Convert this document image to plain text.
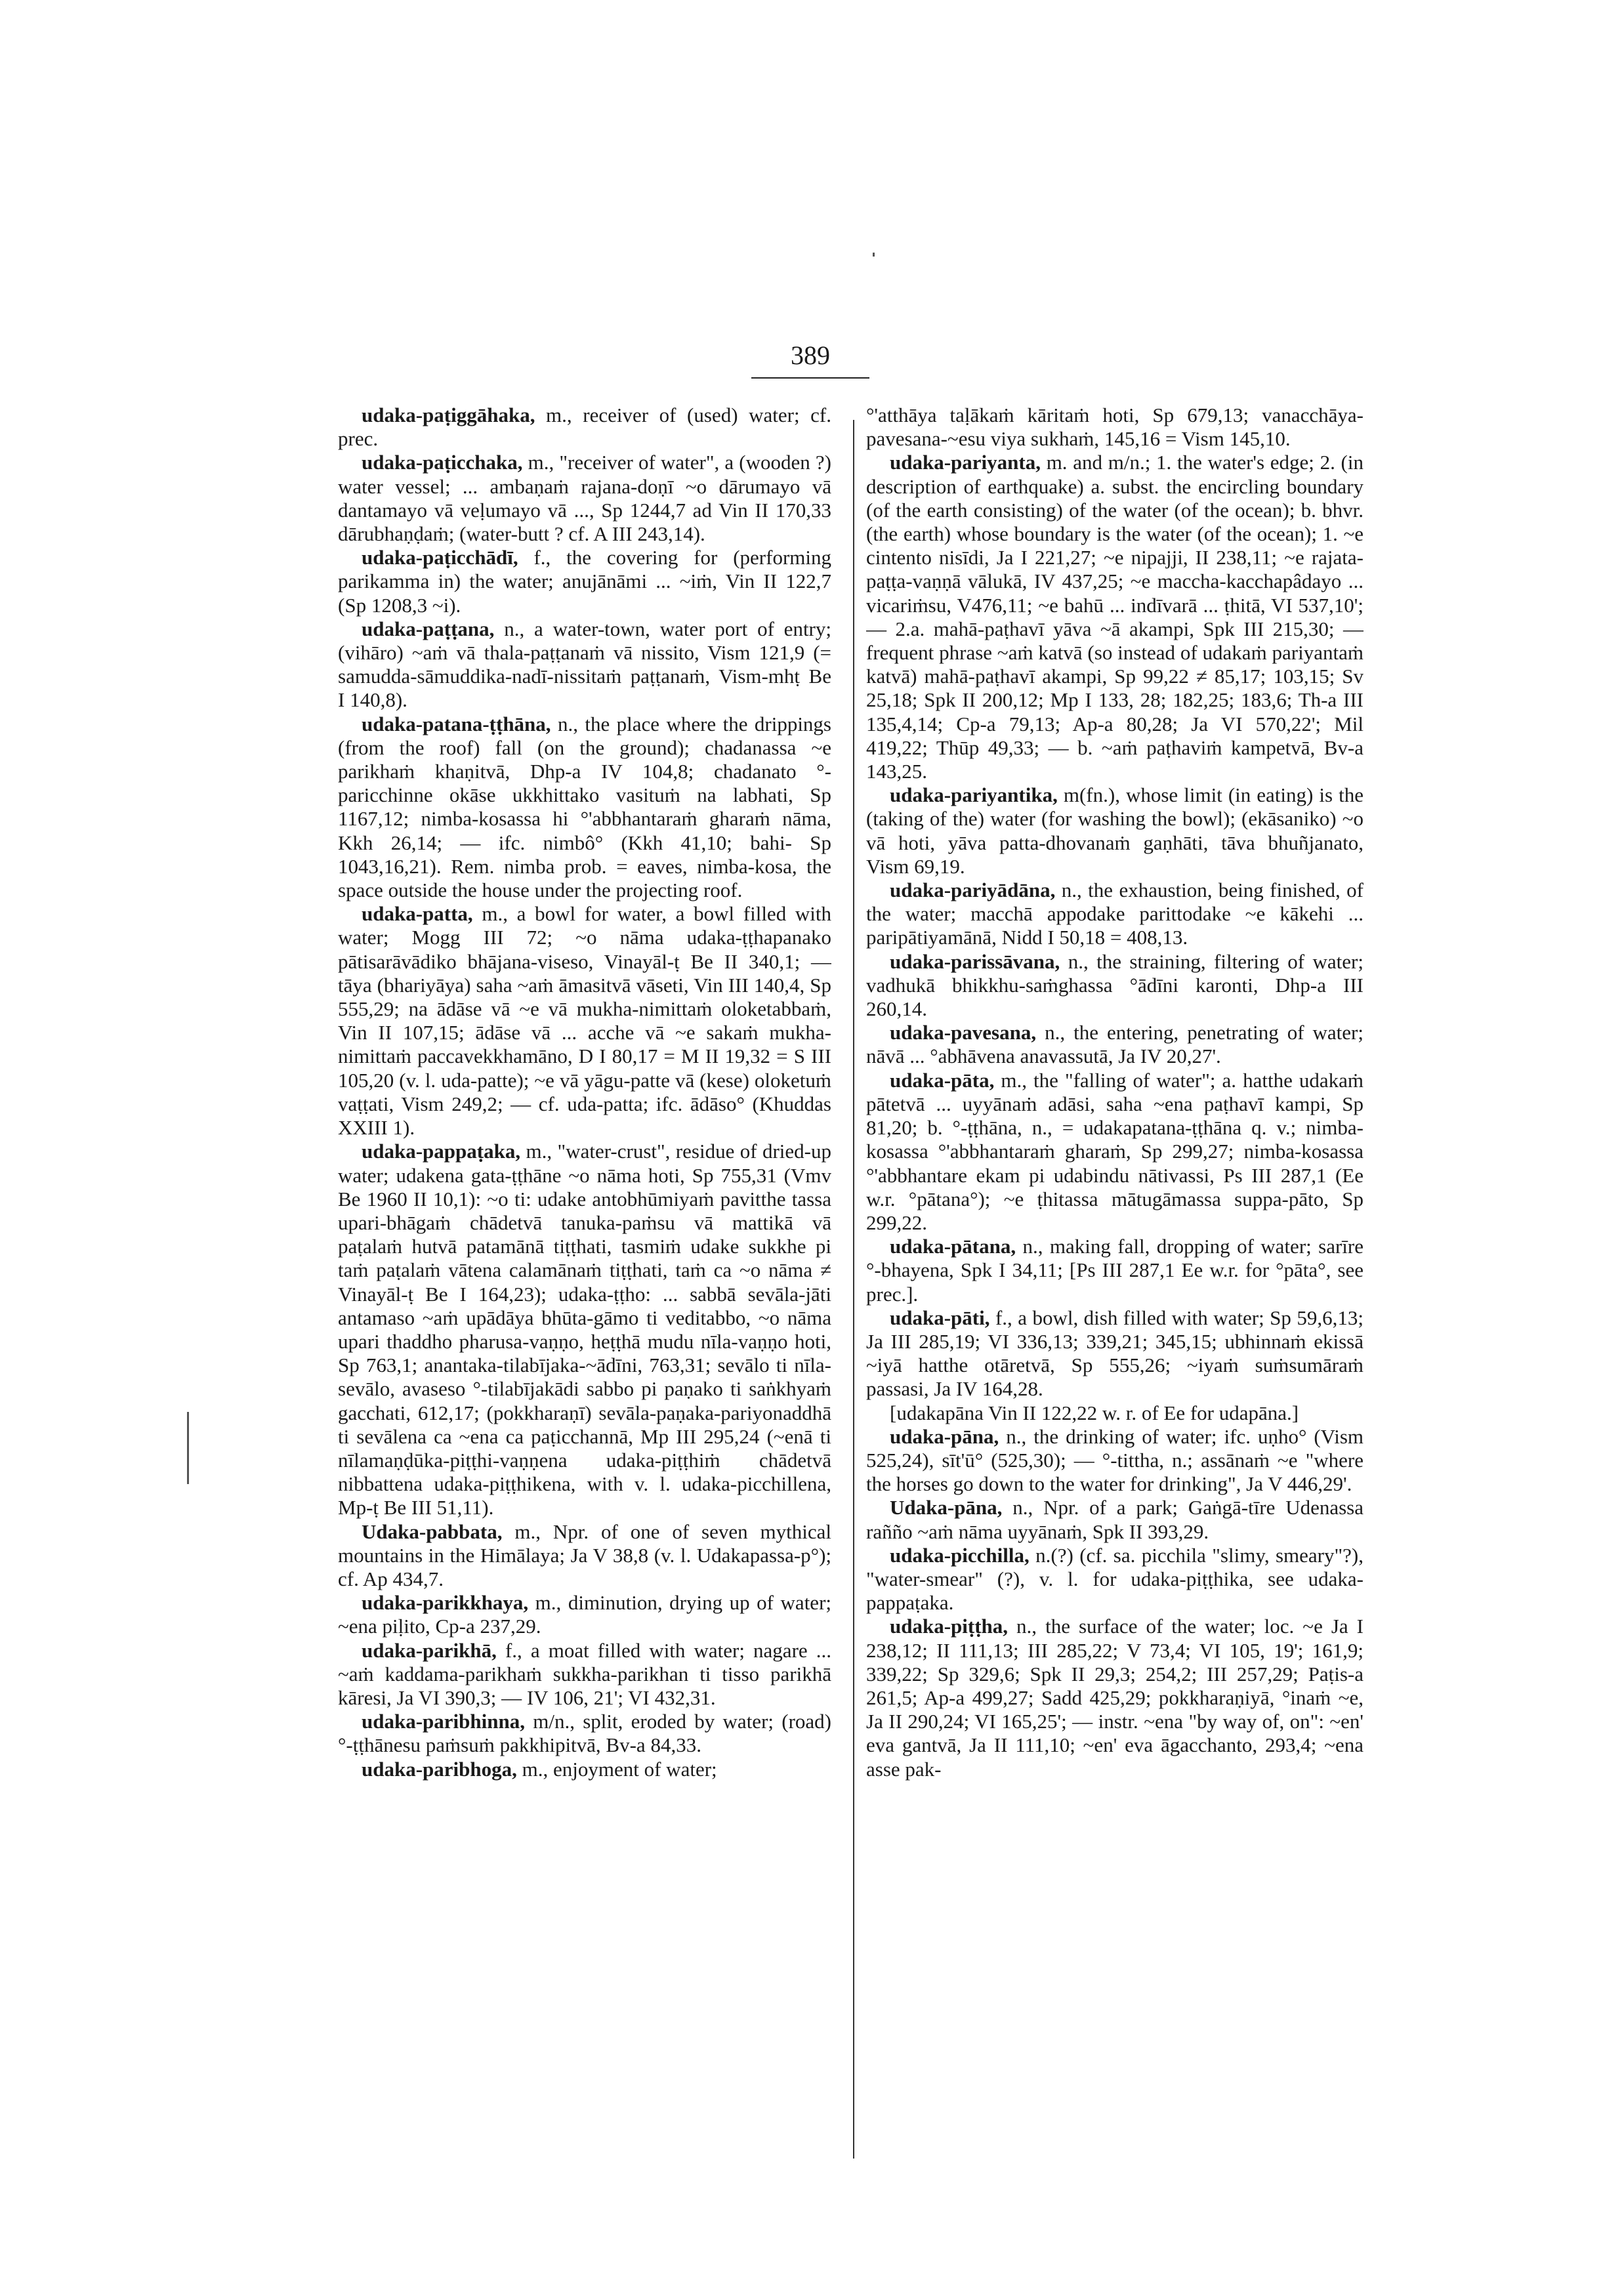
389

udaka-paṭiggāhaka, m., receiver of (used) water; cf. prec.

udaka-paṭicchaka, m., "receiver of water", a (wooden ?) water vessel; ... ambaṇaṁ rajana-doṇī ~o dārumayo vā dantamayo vā veḷumayo vā ..., Sp 1244,7 ad Vin II 170,33 dārubhaṇḍaṁ; (water-butt ? cf. A III 243,14).

udaka-paṭicchādī, f., the covering for (performing parikamma in) the water; anujānāmi ... ~iṁ, Vin II 122,7 (Sp 1208,3 ~i).

udaka-paṭṭana, n., a water-town, water port of entry; (vihāro) ~aṁ vā thala-paṭṭanaṁ vā nissito, Vism 121,9 (= samudda-sāmuddika-nadī-nissitaṁ paṭṭanaṁ, Vism-mhṭ Be I 140,8).

udaka-patana-ṭṭhāna, n., the place where the drippings (from the roof) fall (on the ground); chadanassa ~e parikhaṁ khaṇitvā, Dhp-a IV 104,8; chadanato °-paricchinne okāse ukkhittako vasituṁ na labhati, Sp 1167,12; nimba-kosassa hi °'abbhantaraṁ gharaṁ nāma, Kkh 26,14; — ifc. nimbô° (Kkh 41,10; bahi- Sp 1043,16,21). Rem. nimba prob. = eaves, nimba-kosa, the space outside the house under the projecting roof.

udaka-patta, m., a bowl for water, a bowl filled with water; Mogg III 72; ~o nāma udaka-ṭṭhapanako pātisarāvādiko bhājana-viseso, Vinayāl-ṭ Be II 340,1; — tāya (bhariyāya) saha ~aṁ āmasitvā vāseti, Vin III 140,4, Sp 555,29; na ādāse vā ~e vā mukha-nimittaṁ oloketabbaṁ, Vin II 107,15; ādāse vā ... acche vā ~e sakaṁ mukha-nimittaṁ paccavekkhamāno, D I 80,17 = M II 19,32 = S III 105,20 (v. l. uda-patte); ~e vā yāgu-patte vā (kese) oloketuṁ vaṭṭati, Vism 249,2; — cf. uda-patta; ifc. ādāso° (Khuddas XXIII 1).

udaka-pappaṭaka, m., "water-crust", residue of dried-up water; udakena gata-ṭṭhāne ~o nāma hoti, Sp 755,31 (Vmv Be 1960 II 10,1): ~o ti: udake antobhūmiyaṁ pavitthe tassa upari-bhāgaṁ chādetvā tanuka-paṁsu vā mattikā vā paṭalaṁ hutvā patamānā tiṭṭhati, tasmiṁ udake sukkhe pi taṁ paṭalaṁ vātena calamānaṁ tiṭṭhati, taṁ ca ~o nāma ≠ Vinayāl-ṭ Be I 164,23); udaka-ṭṭho: ... sabbā sevāla-jāti antamaso ~aṁ upādāya bhūta-gāmo ti veditabbo, ~o nāma upari thaddho pharusa-vaṇṇo, heṭṭhā mudu nīla-vaṇṇo hoti, Sp 763,1; anantaka-tilabījaka-~ādīni, 763,31; sevālo ti nīla-sevālo, avaseso °-tilabījakādi sabbo pi paṇako ti saṅkhyaṁ gacchati, 612,17; (pokkharaṇī) sevāla-paṇaka-pariyonaddhā ti sevālena ca ~ena ca paṭicchannā, Mp III 295,24 (~enā ti nīlamaṇḍūka-piṭṭhi-vaṇṇena udaka-piṭṭhiṁ chādetvā nibbattena udaka-piṭṭhikena, with v. l. udaka-picchillena, Mp-ṭ Be III 51,11).

Udaka-pabbata, m., Npr. of one of seven mythical mountains in the Himālaya; Ja V 38,8 (v. l. Udakapassa-p°); cf. Ap 434,7.

udaka-parikkhaya, m., diminution, drying up of water; ~ena piḷito, Cp-a 237,29.

udaka-parikhā, f., a moat filled with water; nagare ... ~aṁ kaddama-parikhaṁ sukkha-parikhan ti tisso parikhā kāresi, Ja VI 390,3; — IV 106, 21'; VI 432,31.

udaka-paribhinna, m/n., split, eroded by water; (road) °-ṭṭhānesu paṁsuṁ pakkhipitvā, Bv-a 84,33.

udaka-paribhoga, m., enjoyment of water;

°'atthāya taḷākaṁ kāritaṁ hoti, Sp 679,13; vanacchāya-pavesana-~esu viya sukhaṁ, 145,16 = Vism 145,10.

udaka-pariyanta, m. and m/n.; 1. the water's edge; 2. (in description of earthquake) a. subst. the encircling boundary (of the earth consisting) of the water (of the ocean); b. bhvr. (the earth) whose boundary is the water (of the ocean); 1. ~e cintento nisīdi, Ja I 221,27; ~e nipajji, II 238,11; ~e rajata-paṭṭa-vaṇṇā vālukā, IV 437,25; ~e maccha-kacchapâdayo ... vicariṁsu, V476,11; ~e bahū ... indīvarā ... ṭhitā, VI 537,10'; — 2.a. mahā-paṭhavī yāva ~ā akampi, Spk III 215,30; — frequent phrase ~aṁ katvā (so instead of udakaṁ pariyantaṁ katvā) mahā-paṭhavī akampi, Sp 99,22 ≠ 85,17; 103,15; Sv 25,18; Spk II 200,12; Mp I 133, 28; 182,25; 183,6; Th-a III 135,4,14; Cp-a 79,13; Ap-a 80,28; Ja VI 570,22'; Mil 419,22; Thūp 49,33; — b. ~aṁ paṭhaviṁ kampetvā, Bv-a 143,25.

udaka-pariyantika, m(fn.), whose limit (in eating) is the (taking of the) water (for washing the bowl); (ekāsaniko) ~o vā hoti, yāva patta-dhovanaṁ gaṇhāti, tāva bhuñjanato, Vism 69,19.

udaka-pariyādāna, n., the exhaustion, being finished, of the water; macchā appodake parittodake ~e kākehi ... paripātiyamānā, Nidd I 50,18 = 408,13.

udaka-parissāvana, n., the straining, filtering of water; vadhukā bhikkhu-saṁghassa °ādīni karonti, Dhp-a III 260,14.

udaka-pavesana, n., the entering, penetrating of water; nāvā ... °abhāvena anavassutā, Ja IV 20,27'.

udaka-pāta, m., the "falling of water"; a. hatthe udakaṁ pātetvā ... uyyānaṁ adāsi, saha ~ena paṭhavī kampi, Sp 81,20; b. °-ṭṭhāna, n., = udakapatana-ṭṭhāna q. v.; nimba-kosassa °'abbhantaraṁ gharaṁ, Sp 299,27; nimba-kosassa °'abbhantare ekam pi udabindu nātivassi, Ps III 287,1 (Ee w.r. °pātana°); ~e ṭhitassa mātugāmassa suppa-pāto, Sp 299,22.

udaka-pātana, n., making fall, dropping of water; sarīre °-bhayena, Spk I 34,11; [Ps III 287,1 Ee w.r. for °pāta°, see prec.].

udaka-pāti, f., a bowl, dish filled with water; Sp 59,6,13; Ja III 285,19; VI 336,13; 339,21; 345,15; ubhinnaṁ ekissā ~iyā hatthe otāretvā, Sp 555,26; ~iyaṁ suṁsumāraṁ passasi, Ja IV 164,28.

[udakapāna Vin II 122,22 w. r. of Ee for udapāna.]

udaka-pāna, n., the drinking of water; ifc. uṇho° (Vism 525,24), sīt'ū° (525,30); — °-tittha, n.; assānaṁ ~e "where the horses go down to the water for drinking", Ja V 446,29'.

Udaka-pāna, n., Npr. of a park; Gaṅgā-tīre Udenassa rañño ~aṁ nāma uyyānaṁ, Spk II 393,29.

udaka-picchilla, n.(?) (cf. sa. picchila "slimy, smeary"?), "water-smear" (?), v. l. for udaka-piṭṭhika, see udaka-pappaṭaka.

udaka-piṭṭha, n., the surface of the water; loc. ~e Ja I 238,12; II 111,13; III 285,22; V 73,4; VI 105, 19'; 161,9; 339,22; Sp 329,6; Spk II 29,3; 254,2; III 257,29; Paṭis-a 261,5; Ap-a 499,27; Sadd 425,29; pokkharaṇiyā, °inaṁ ~e, Ja II 290,24; VI 165,25'; — instr. ~ena "by way of, on": ~en' eva gantvā, Ja II 111,10; ~en' eva āgacchanto, 293,4; ~ena asse pak-
